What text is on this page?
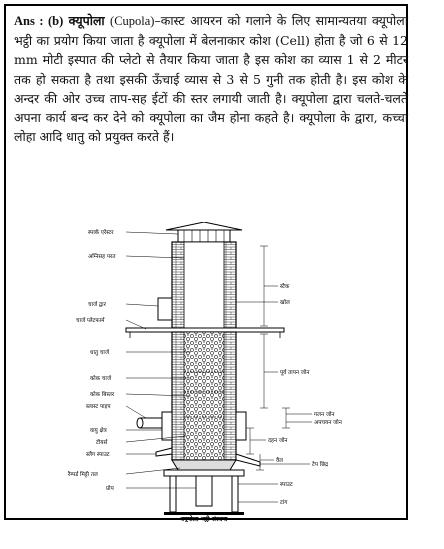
Ans : (b) क्यूपोला (Cupola)–कास्ट आयरन को गलाने के लिए सामान्यतया क्यूपोला भट्ठी का प्रयोग किया जाता है क्यूपोला में बेलनाकार कोश (Cell) होता है जो 6 से 12 mm मोटी इस्पात की प्लेटो से तैयार किया जाता है इस कोश का व्यास 1 से 2 मीटर तक हो सकता है तथा इसकी ऊँचाई व्यास से 3 से 5 गुनी तक होती है। इस कोश के अन्दर की ओर उच्च ताप-सह ईटों की स्तर लगायी जाती है। क्यूपोला द्वारा चलते-चलते अपना कार्य बन्द कर देने को क्यूपोला का जैम होना कहते है। क्यूपोला के द्वारा, कच्चा लोहा आदि धातु को प्रयुक्त करते हैं।
स्पार्क एरेस्टर
अग्निसह परत
चार्ज द्वार
चार्ज प्लेटफार्म
धातु चार्ज
कोक चार्ज
कोक बिस्तर
ब्लास्ट पाइप
वायु क्षेत्र
टीयर्स
स्लैग स्पाउट
रैम्पर्ड मिट्टी तल
प्रोप
स्टैक
खोल
पूर्व तापन जोन
गलन जोन
अपचयन जोन
दहन जोन
वैल
टेप छिद्र
स्पाउट
टांग
क्यूपोला भट्ठी संरचना
